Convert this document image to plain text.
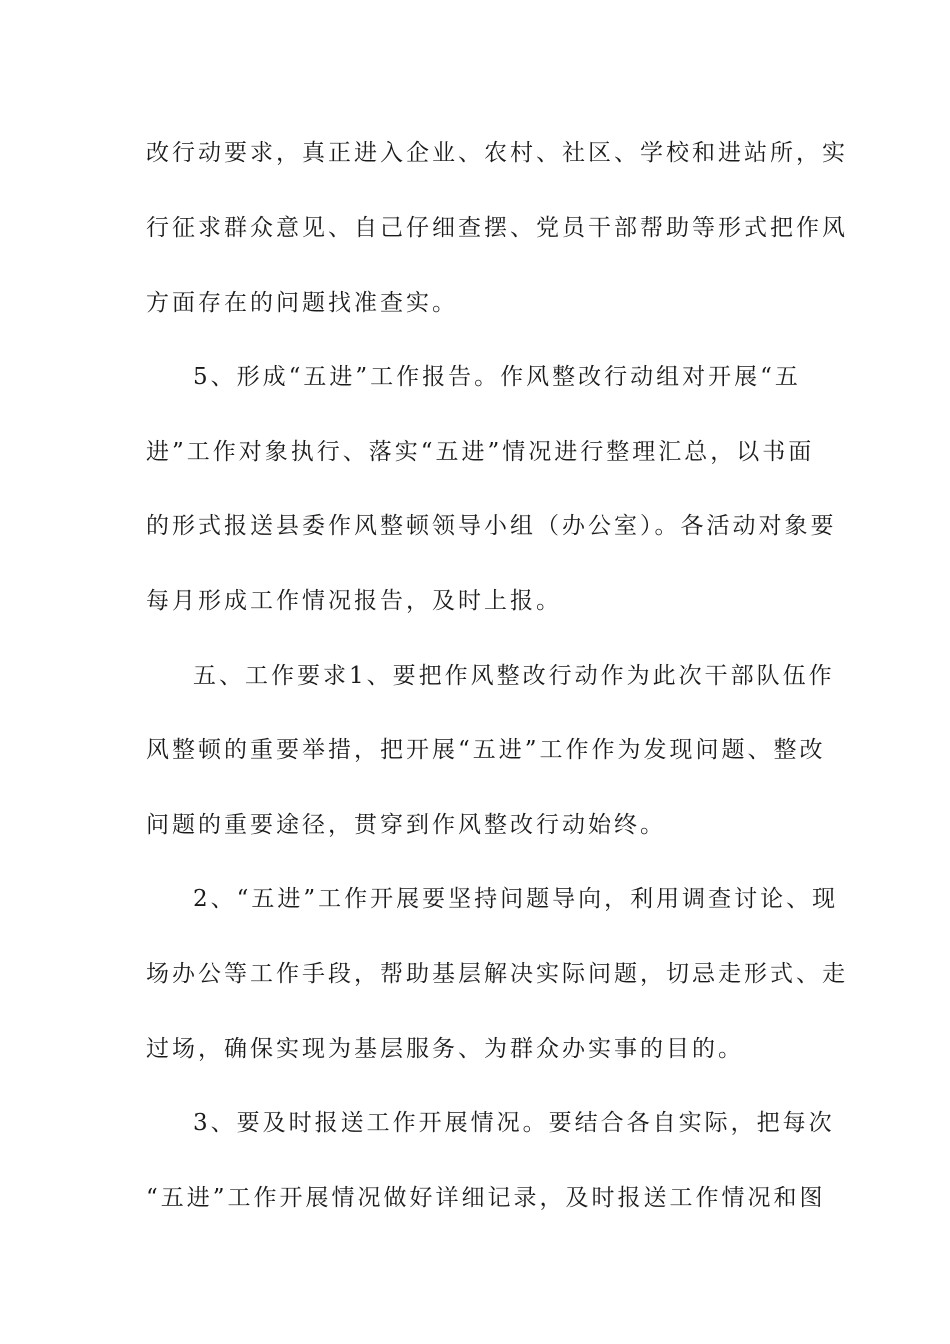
改行动要求，真正进入企业、农村、社区、学校和进站所，实
行征求群众意见、自己仔细查摆、党员干部帮助等形式把作风
方面存在的问题找准查实。
5、形成“五进”工作报告。作风整改行动组对开展“五
进”工作对象执行、落实“五进”情况进行整理汇总，以书面
的形式报送县委作风整顿领导小组（办公室）。各活动对象要
每月形成工作情况报告，及时上报。
五、工作要求1、要把作风整改行动作为此次干部队伍作
风整顿的重要举措，把开展“五进”工作作为发现问题、整改
问题的重要途径，贯穿到作风整改行动始终。
2、“五进”工作开展要坚持问题导向，利用调查讨论、现
场办公等工作手段，帮助基层解决实际问题，切忌走形式、走
过场，确保实现为基层服务、为群众办实事的目的。
3、要及时报送工作开展情况。要结合各自实际，把每次
“五进”工作开展情况做好详细记录，及时报送工作情况和图
